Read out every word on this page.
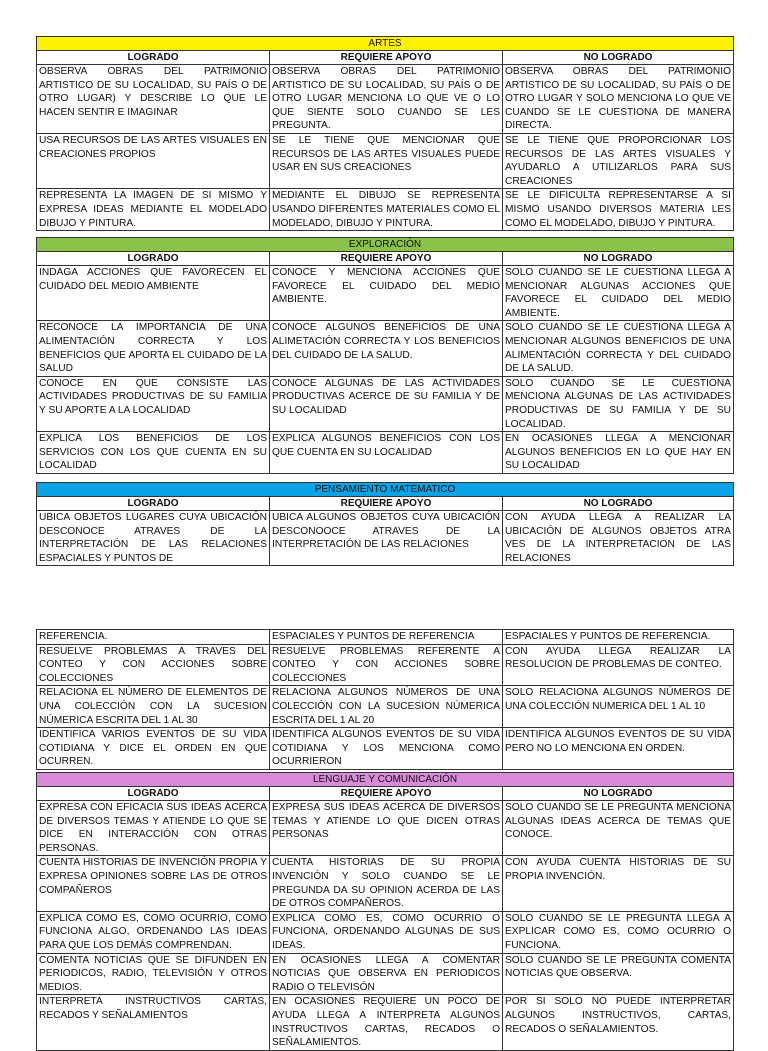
ARTES		
LOGRADO	REQUIERE APOYO	NO LOGRADO
OBSERVA OBRAS DEL PATRIMONIO ARTISTICO DE SU LOCALIDAD, SU PAÍS O DE OTRO LUGAR) Y DESCRIBE LO QUE LE HACEN SENTIR E IMAGINAR	OBSERVA OBRAS DEL PATRIMONIO ARTISTICO DE SU LOCALIDAD, SU PAÍS O DE OTRO LUGAR MENCIONA LO QUE VE O LO QUE SIENTE SOLO CUANDO SE LES PREGUNTA.	OBSERVA OBRAS DEL PATRIMONIO ARTISTICO DE SU LOCALIDAD, SU PAÍS O DE OTRO LUGAR Y SOLO MENCIONA LO QUE VE CUANDO SE LE CUESTIONA DE MANERA DIRECTA.
USA RECURSOS DE LAS ARTES VISUALES EN CREACIONES PROPIOS	SE LE TIENE QUE MENCIONAR QUE RECURSOS DE LAS ARTES VISUALES PUEDE USAR EN SUS CREACIONES	SE LE TIENE QUE PROPORCIONAR LOS RECURSOS DE LAS ARTES VISUALES Y AYUDARLO A UTILIZARLOS PARA SUS CREACIONES
REPRESENTA LA IMAGEN DE SI MISMO Y EXPRESA IDEAS MEDIANTE EL MODELADO DIBUJO Y PINTURA.	MEDIANTE EL DIBUJO SE REPRESENTA USANDO DIFERENTES MATERIALES COMO EL MODELADO, DIBUJO Y PINTURA.	SE LE DIFICULTA REPRESENTARSE A SI MISMO USANDO DIVERSOS MATERIA LES COMO EL MODELADO, DIBUJO Y PINTURA.
EXPLORACIÓN		
LOGRADO	REQUIERE APOYO	NO LOGRADO
INDAGA ACCIONES QUE FAVORECEN EL CUIDADO DEL MEDIO AMBIENTE	CONOCE Y MENCIONA ACCIONES QUE FAVORECE EL CUIDADO DEL MEDIO AMBIENTE.	SOLO CUANDO SE LE CUESTIONA LLEGA A MENCIONAR ALGUNAS ACCIONES QUE FAVORECE EL CUIDADO DEL MEDIO AMBIENTE.
RECONOCE LA IMPORTANCIA DE UNA ALIMENTACIÓN CORRECTA Y LOS BENEFICIOS QUE APORTA EL CUIDADO DE LA SALUD	CONOCE ALGUNOS BENEFICIOS DE UNA ALIMETACIÓN CORRECTA Y LOS BENEFICIOS DEL CUIDADO DE LA SALUD.	SOLO CUANDO SE LE CUESTIONA LLEGA A MENCIONAR ALGUNOS BENEFICIOS DE UNA ALIMENTACIÓN CORRECTA Y DEL CUIDADO DE LA SALUD.
CONOCE EN QUE CONSISTE LAS ACTIVIDADES PRODUCTIVAS DE SU FAMILIA Y SU APORTE A LA LOCALIDAD	CONOCE ALGUNAS DE LAS ACTIVIDADES PRODUCTIVAS ACERCE DE SU FAMILIA Y DE SU LOCALIDAD	SOLO CUANDO SE LE CUESTIONA MENCIONA ALGUNAS DE LAS ACTIVIDADES PRODUCTIVAS DE SU FAMILIA Y DE SU LOCALIDAD.
EXPLICA LOS BENEFICIOS DE LOS SERVICIOS CON LOS QUE CUENTA EN SU LOCALIDAD	EXPLICA ALGUNOS BENEFICIOS CON LOS QUE CUENTA EN SU LOCALIDAD	EN OCASIONES LLEGA A MENCIONAR ALGUNOS BENEFICIOS EN LO QUE HAY EN SU LOCALIDAD
PENSAMIENTO MATEMATICO		
LOGRADO	REQUIERE APOYO	NO LOGRADO
UBICA OBJETOS LUGARES CUYA UBICACIÓN DESCONOCE ATRAVES DE LA INTERPRETACIÓN DE LAS RELACIONES ESPACIALES Y PUNTOS DE	UBICA ALGUNOS OBJETOS CUYA UBICACIÓN DESCONOOCE ATRAVES DE LA INTERPRETACIÓN DE LAS RELACIONES	CON AYUDA LLEGA A REALIZAR LA UBICACIÓN DE ALGUNOS OBJETOS ATRA VES DE LA INTERPRETACION DE LAS RELACIONES
REFERENCIA.	ESPACIALES Y PUNTOS DE REFERENCIA	ESPACIALES Y PUNTOS DE REFERENCIA.
RESUELVE PROBLEMAS A TRAVES DEL CONTEO Y CON ACCIONES SOBRE COLECCIONES	RESUELVE PROBLEMAS REFERENTE A CONTEO Y CON ACCIONES SOBRE COLECCIONES	CON AYUDA LLEGA REALIZAR LA RESOLUCION DE PROBLEMAS DE CONTEO.
RELACIONA EL NÚMERO DE ELEMENTOS DE UNA COLECCIÓN CON LA SUCESION NÚMERICA ESCRITA DEL 1 AL 30	RELACIONA ALGUNOS NÚMEROS DE UNA COLECCIÓN CON LA SUCESION NÚMERICA ESCRITA DEL 1 AL 20	SOLO RELACIONA ALGUNOS NÚMEROS DE UNA COLECCIÓN NUMERICA DEL 1 AL 10
IDENTIFICA VARIOS EVENTOS DE SU VIDA COTIDIANA Y DICE EL ORDEN EN QUE OCURREN.	IDENTIFICA ALGUNOS EVENTOS DE SU VIDA COTIDIANA Y LOS MENCIONA COMO OCURRIERON	IDENTIFICA ALGUNOS EVENTOS DE SU VIDA PERO NO LO MENCIONA EN ORDEN.
LENGUAJE Y COMUNICACIÓN		
LOGRADO	REQUIERE APOYO	NO LOGRADO
EXPRESA CON EFICACIA SUS IDEAS ACERCA DE DIVERSOS TEMAS Y ATIENDE LO QUE SE DICE EN INTERACCIÓN CON OTRAS PERSONAS.	EXPRESA SUS IDEAS ACERCA DE DIVERSOS TEMAS Y ATIENDE LO QUE DICEN OTRAS PERSONAS	SOLO CUANDO SE LE PREGUNTA MENCIONA ALGUNAS IDEAS ACERCA DE TEMAS QUE CONOCE.
CUENTA HISTORIAS DE INVENCIÓN PROPIA Y EXPRESA OPINIONES SOBRE LAS DE OTROS COMPAÑEROS	CUENTA HISTORIAS DE SU PROPIA INVENCIÓN Y SOLO CUANDO SE LE PREGUNDA DA SU OPINION ACERDA DE LAS DE OTROS COMPAÑEROS.	CON AYUDA CUENTA HISTORIAS DE SU PROPIA INVENCIÓN.
EXPLICA COMO ES, COMO OCURRIO, COMO FUNCIONA ALGO, ORDENANDO LAS IDEAS PARA QUE LOS DEMÁS COMPRENDAN.	EXPLICA COMO ES, COMO OCURRIO O FUNCIONA, ORDENANDO ALGUNAS DE SUS IDEAS.	SOLO CUANDO SE LE PREGUNTA LLEGA A EXPLICAR COMO ES, COMO OCURRIO O FUNCIONA.
COMENTA NOTICIAS QUE SE DIFUNDEN EN PERIODICOS, RADIO, TELEVISIÓN Y OTROS MEDIOS.	EN OCASIONES LLEGA A COMENTAR NOTICIAS QUE OBSERVA EN PERIODICOS RADIO O TELEVISÓN	SOLO CUANDO SE LE PREGUNTA COMENTA NOTICIAS QUE OBSERVA.
INTERPRETA INSTRUCTIVOS CARTAS, RECADOS Y SEÑALAMIENTOS	EN OCASIONES REQUIERE UN POCO DE AYUDA LLEGA A INTERPRETA ALGUNOS INSTRUCTIVOS CARTAS, RECADOS O SEÑALAMIENTOS.	POR SI SOLO NO PUEDE INTERPRETAR ALGUNOS INSTRUCTIVOS, CARTAS, RECADOS O SEÑALAMIENTOS.
